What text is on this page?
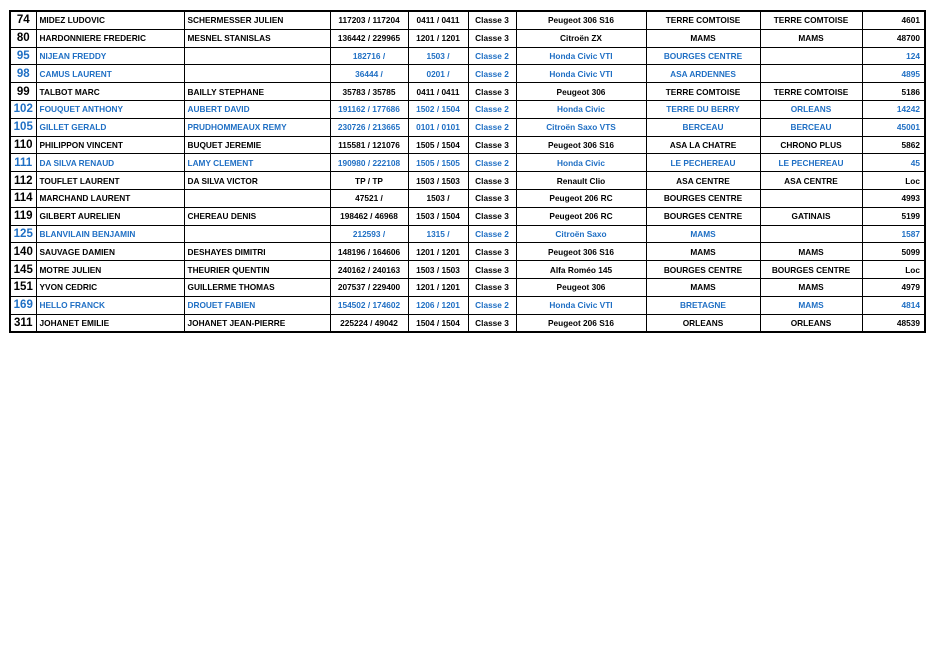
74	MIDEZ LUDOVIC	SCHERMESSER JULIEN	117203 / 117204	0411 / 0411	Classe 3	Peugeot 306 S16	TERRE COMTOISE	TERRE COMTOISE	4601
80	HARDONNIERE FREDERIC	MESNEL STANISLAS	136442 / 229965	1201 / 1201	Classe 3	Citroën ZX	MAMS	MAMS	48700
95	NIJEAN FREDDY		182716 /	1503 /	Classe 2	Honda Civic VTI	BOURGES CENTRE		124
98	CAMUS LAURENT		36444 /	0201 /	Classe 2	Honda Civic VTI	ASA ARDENNES		4895
99	TALBOT MARC	BAILLY STEPHANE	35783 / 35785	0411 / 0411	Classe 3	Peugeot 306	TERRE COMTOISE	TERRE COMTOISE	5186
102	FOUQUET ANTHONY	AUBERT DAVID	191162 / 177686	1502 / 1504	Classe 2	Honda Civic	TERRE DU BERRY	ORLEANS	14242
105	GILLET GERALD	PRUDHOMMEAUX REMY	230726 / 213665	0101 / 0101	Classe 2	Citroën Saxo VTS	BERCEAU	BERCEAU	45001
110	PHILIPPON VINCENT	BUQUET JEREMIE	115581 / 121076	1505 / 1504	Classe 3	Peugeot 306 S16	ASA LA CHATRE	CHRONO PLUS	5862
111	DA SILVA RENAUD	LAMY CLEMENT	190980 / 222108	1505 / 1505	Classe 2	Honda Civic	LE PECHEREAU	LE PECHEREAU	45
112	TOUFLET LAURENT	DA SILVA VICTOR	TP / TP	1503 / 1503	Classe 3	Renault Clio	ASA CENTRE	ASA CENTRE	Loc
114	MARCHAND LAURENT		47521 /	1503 /	Classe 3	Peugeot 206 RC	BOURGES CENTRE		4993
119	GILBERT AURELIEN	CHEREAU DENIS	198462 / 46968	1503 / 1504	Classe 3	Peugeot 206 RC	BOURGES CENTRE	GATINAIS	5199
125	BLANVILAIN BENJAMIN		212593 /	1315 /	Classe 2	Citroën Saxo	MAMS		1587
140	SAUVAGE DAMIEN	DESHAYES DIMITRI	148196 / 164606	1201 / 1201	Classe 3	Peugeot 306 S16	MAMS	MAMS	5099
145	MOTRE JULIEN	THEURIER QUENTIN	240162 / 240163	1503 / 1503	Classe 3	Alfa Roméo 145	BOURGES CENTRE	BOURGES CENTRE	Loc
151	YVON CEDRIC	GUILLERME THOMAS	207537 / 229400	1201 / 1201	Classe 3	Peugeot 306	MAMS	MAMS	4979
169	HELLO FRANCK	DROUET FABIEN	154502 / 174602	1206 / 1201	Classe 2	Honda Civic VTI	BRETAGNE	MAMS	4814
311	JOHANET EMILIE	JOHANET JEAN-PIERRE	225224 / 49042	1504 / 1504	Classe 3	Peugeot 206 S16	ORLEANS	ORLEANS	48539
